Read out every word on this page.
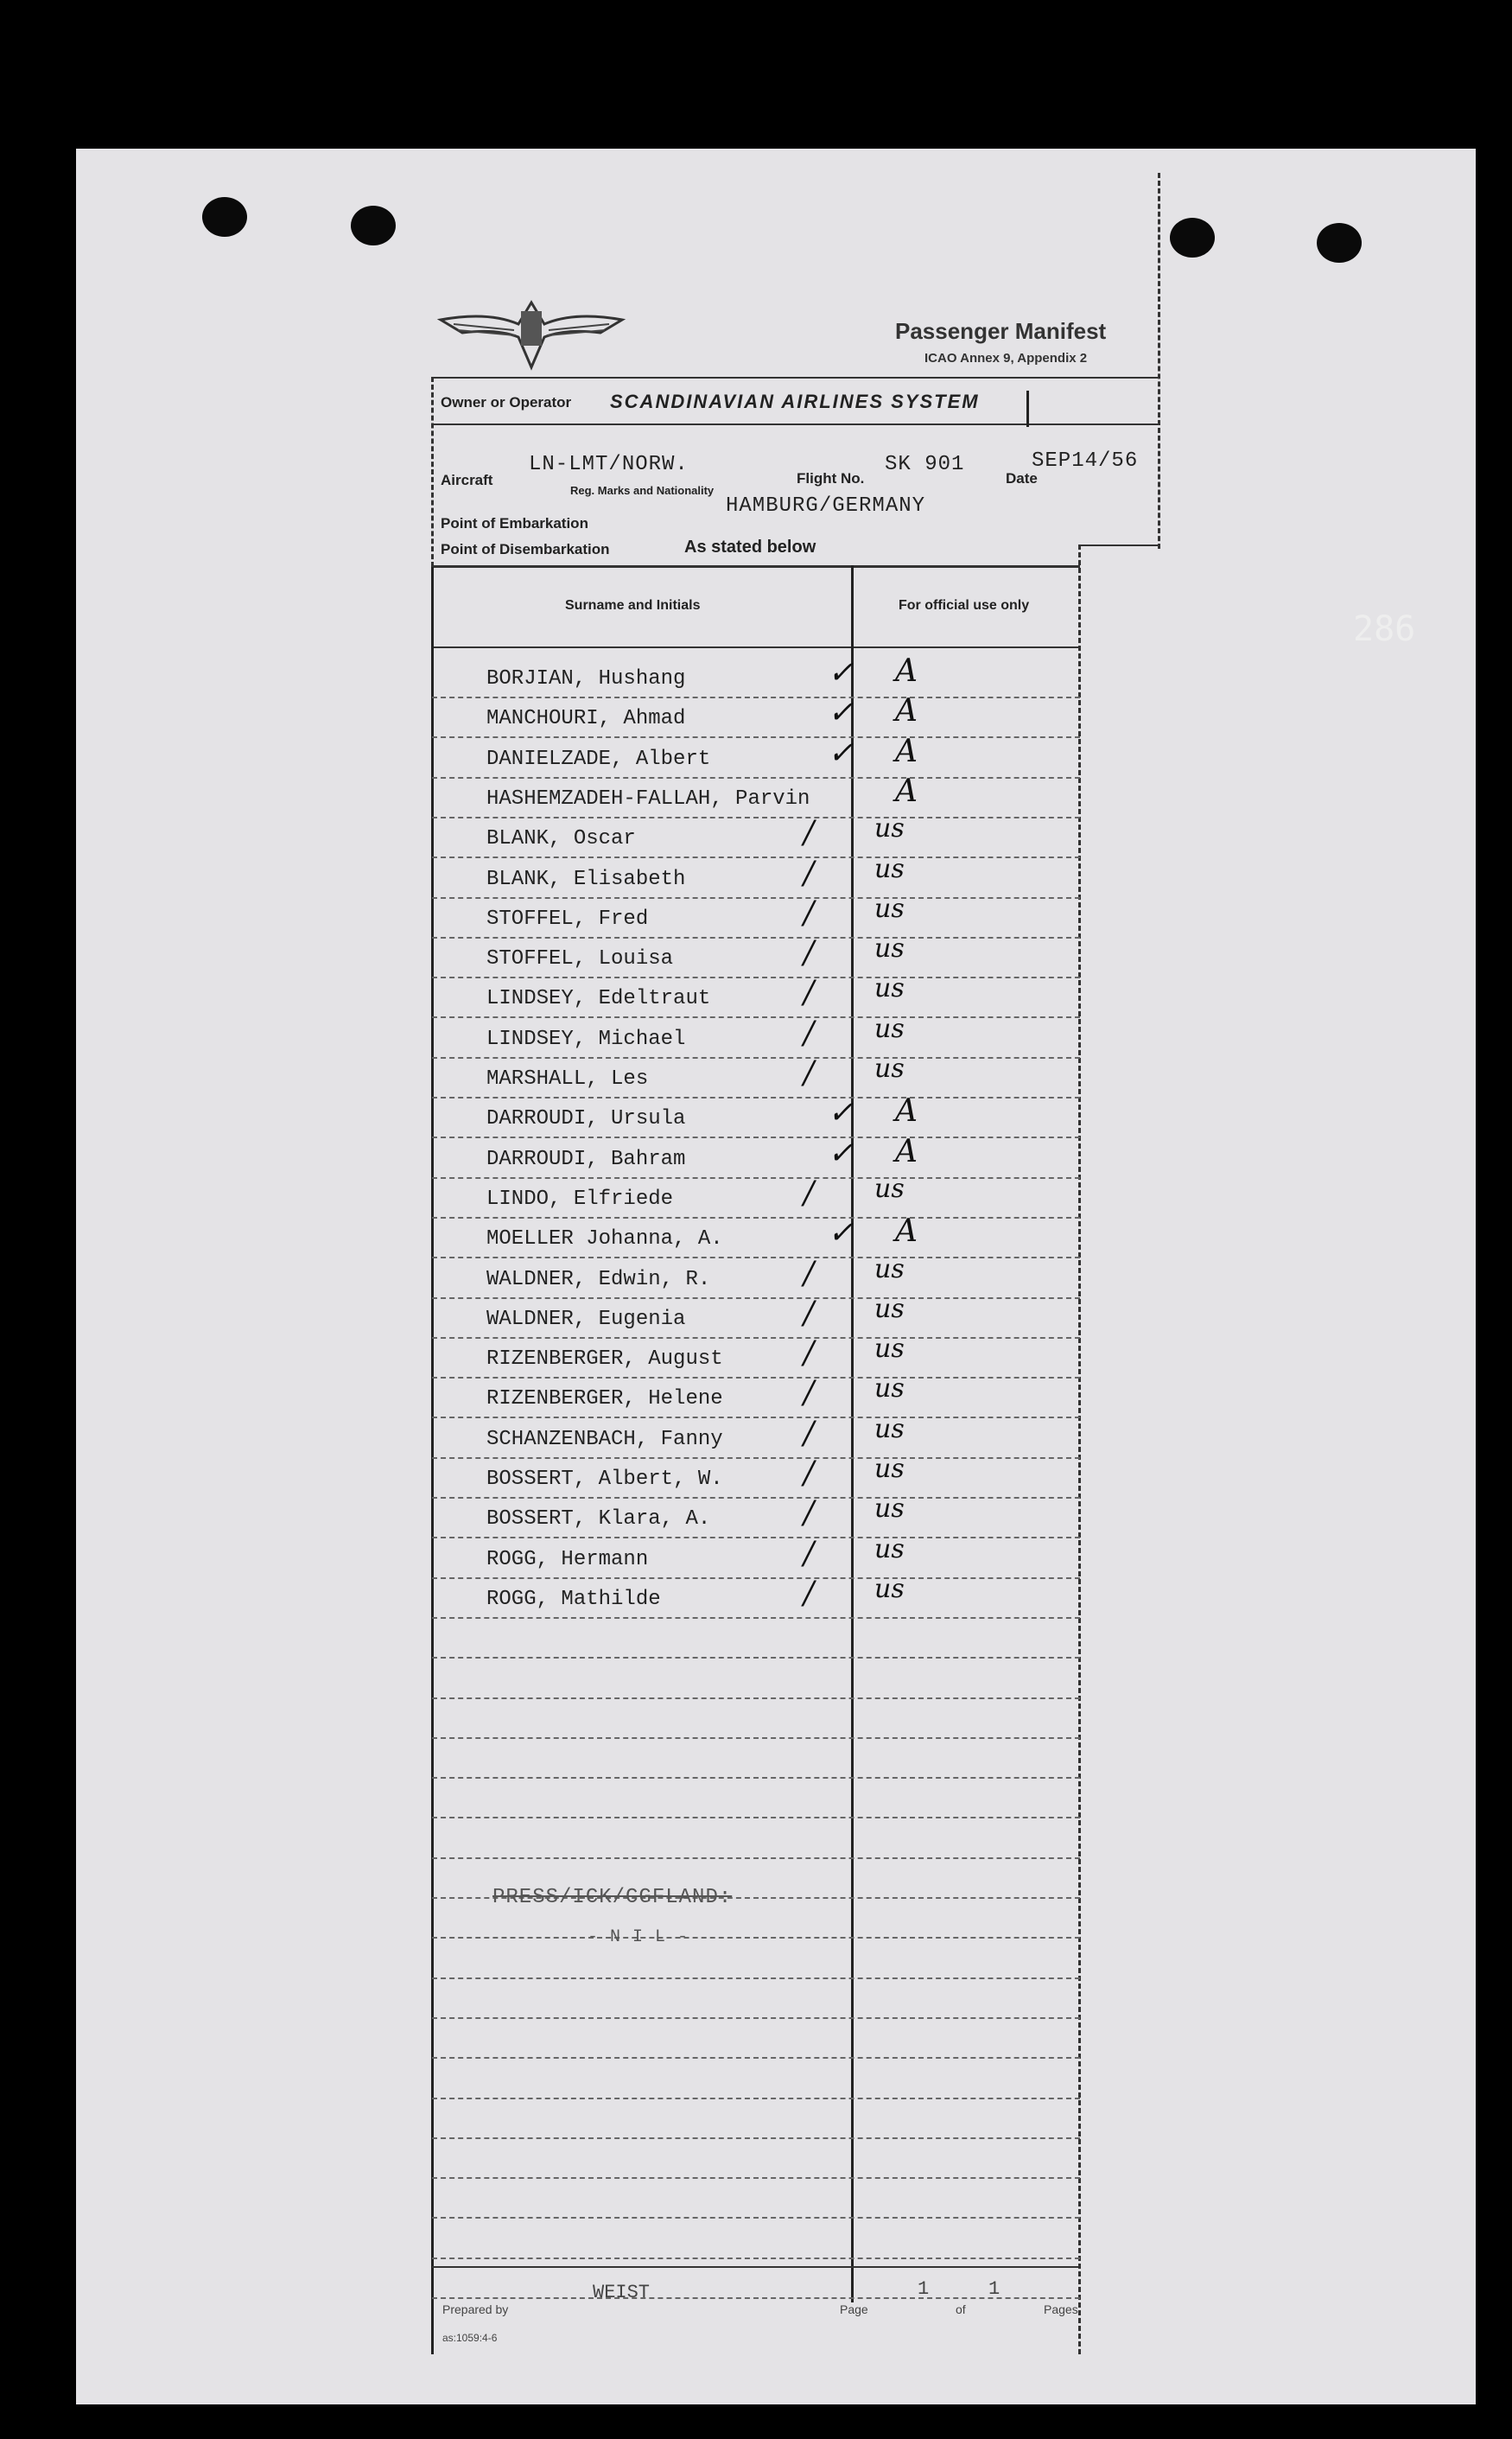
286
Passenger Manifest
ICAO Annex 9, Appendix 2
Owner or Operator SCANDINAVIAN AIRLINES SYSTEM
Aircraft
LN-LMT/NORW.
Reg. Marks and Nationality
Flight No.
SK 901
Date
SEP14/56
HAMBURG/GERMANY
Point of Embarkation
Point of Disembarkation	As stated below
Surname and Initials	For official use only
BORJIAN, Hushang	✓ A
MANCHOURI, Ahmad	✓ A
DANIELZADE, Albert	✓ A
HASHEMZADEH-FALLAH, Parvin	A
BLANK, Oscar	/ us
BLANK, Elisabeth	/ us
STOFFEL, Fred	/ us
STOFFEL, Louisa	/ us
LINDSEY, Edeltraut	/ us
LINDSEY, Michael	/ us
MARSHALL, Les	/ us
DARROUDI, Ursula	✓ A
DARROUDI, Bahram	✓ A
LINDO, Elfriede	/ us
MOELLER Johanna, A.	✓ A
WALDNER, Edwin, R.	/ us
WALDNER, Eugenia	/ us
RIZENBERGER, August	/ us
RIZENBERGER, Helene	/ us
SCHANZENBACH, Fanny	/ us
BOSSERT, Albert, W.	/ us
BOSSERT, Klara, A.	/ us
ROGG, Hermann	/ us
ROGG, Mathilde	/ us
PRESS/ICK/CGFLAND:
- N I L -
Prepared by
WEIST
Page
1
of
1
Pages
as:1059:4-6
